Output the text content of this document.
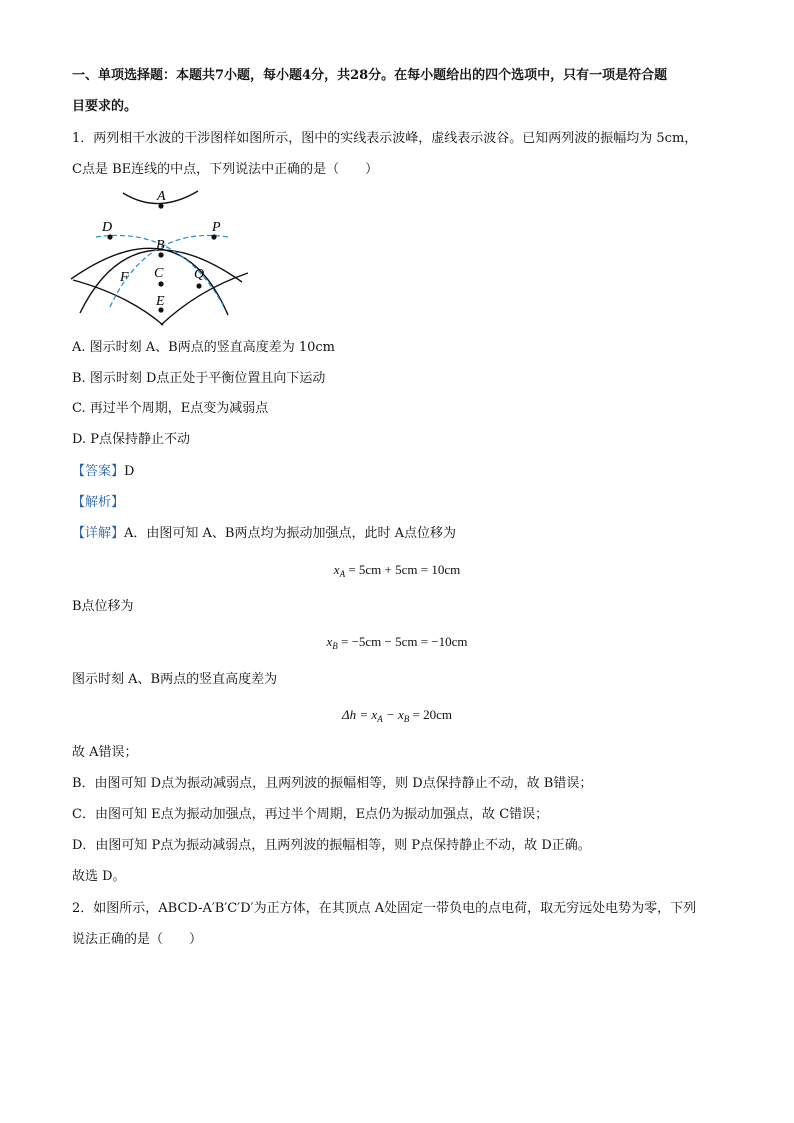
一、单项选择题：本题共7小题，每小题4分，共28分。在每小题给出的四个选项中，只有一项是符合题
目要求的。
1．两列相干水波的干涉图样如图所示，图中的实线表示波峰，虚线表示波谷。已知两列波的振幅均为 5cm，
C点是 BE连线的中点，下列说法中正确的是（　　）
A
D	P
B
C
F	Q
E
A. 图示时刻 A、B两点的竖直高度差为 10cm
B. 图示时刻 D点正处于平衡位置且向下运动
C. 再过半个周期，E点变为减弱点
D. P点保持静止不动
【答案】D
【解析】
【详解】A．由图可知 A、B两点均为振动加强点，此时 A点位移为
$x_A = 5cm + 5cm = 10cm$
B点位移为
$x_B = -5cm - 5cm = -10cm$
图示时刻 A、B两点的竖直高度差为
$\Delta h = x_A - x_B = 20cm$
故 A错误；
B．由图可知 D点为振动减弱点，且两列波的振幅相等，则 D点保持静止不动，故 B错误；
C．由图可知 E点为振动加强点，再过半个周期，E点仍为振动加强点，故 C错误；
D．由图可知 P点为振动减弱点，且两列波的振幅相等，则 P点保持静止不动，故 D正确。
故选 D。
2．如图所示，ABCD-A′B′C′D′为正方体，在其顶点 A处固定一带负电的点电荷，取无穷远处电势为零，下列
说法正确的是（　　）
